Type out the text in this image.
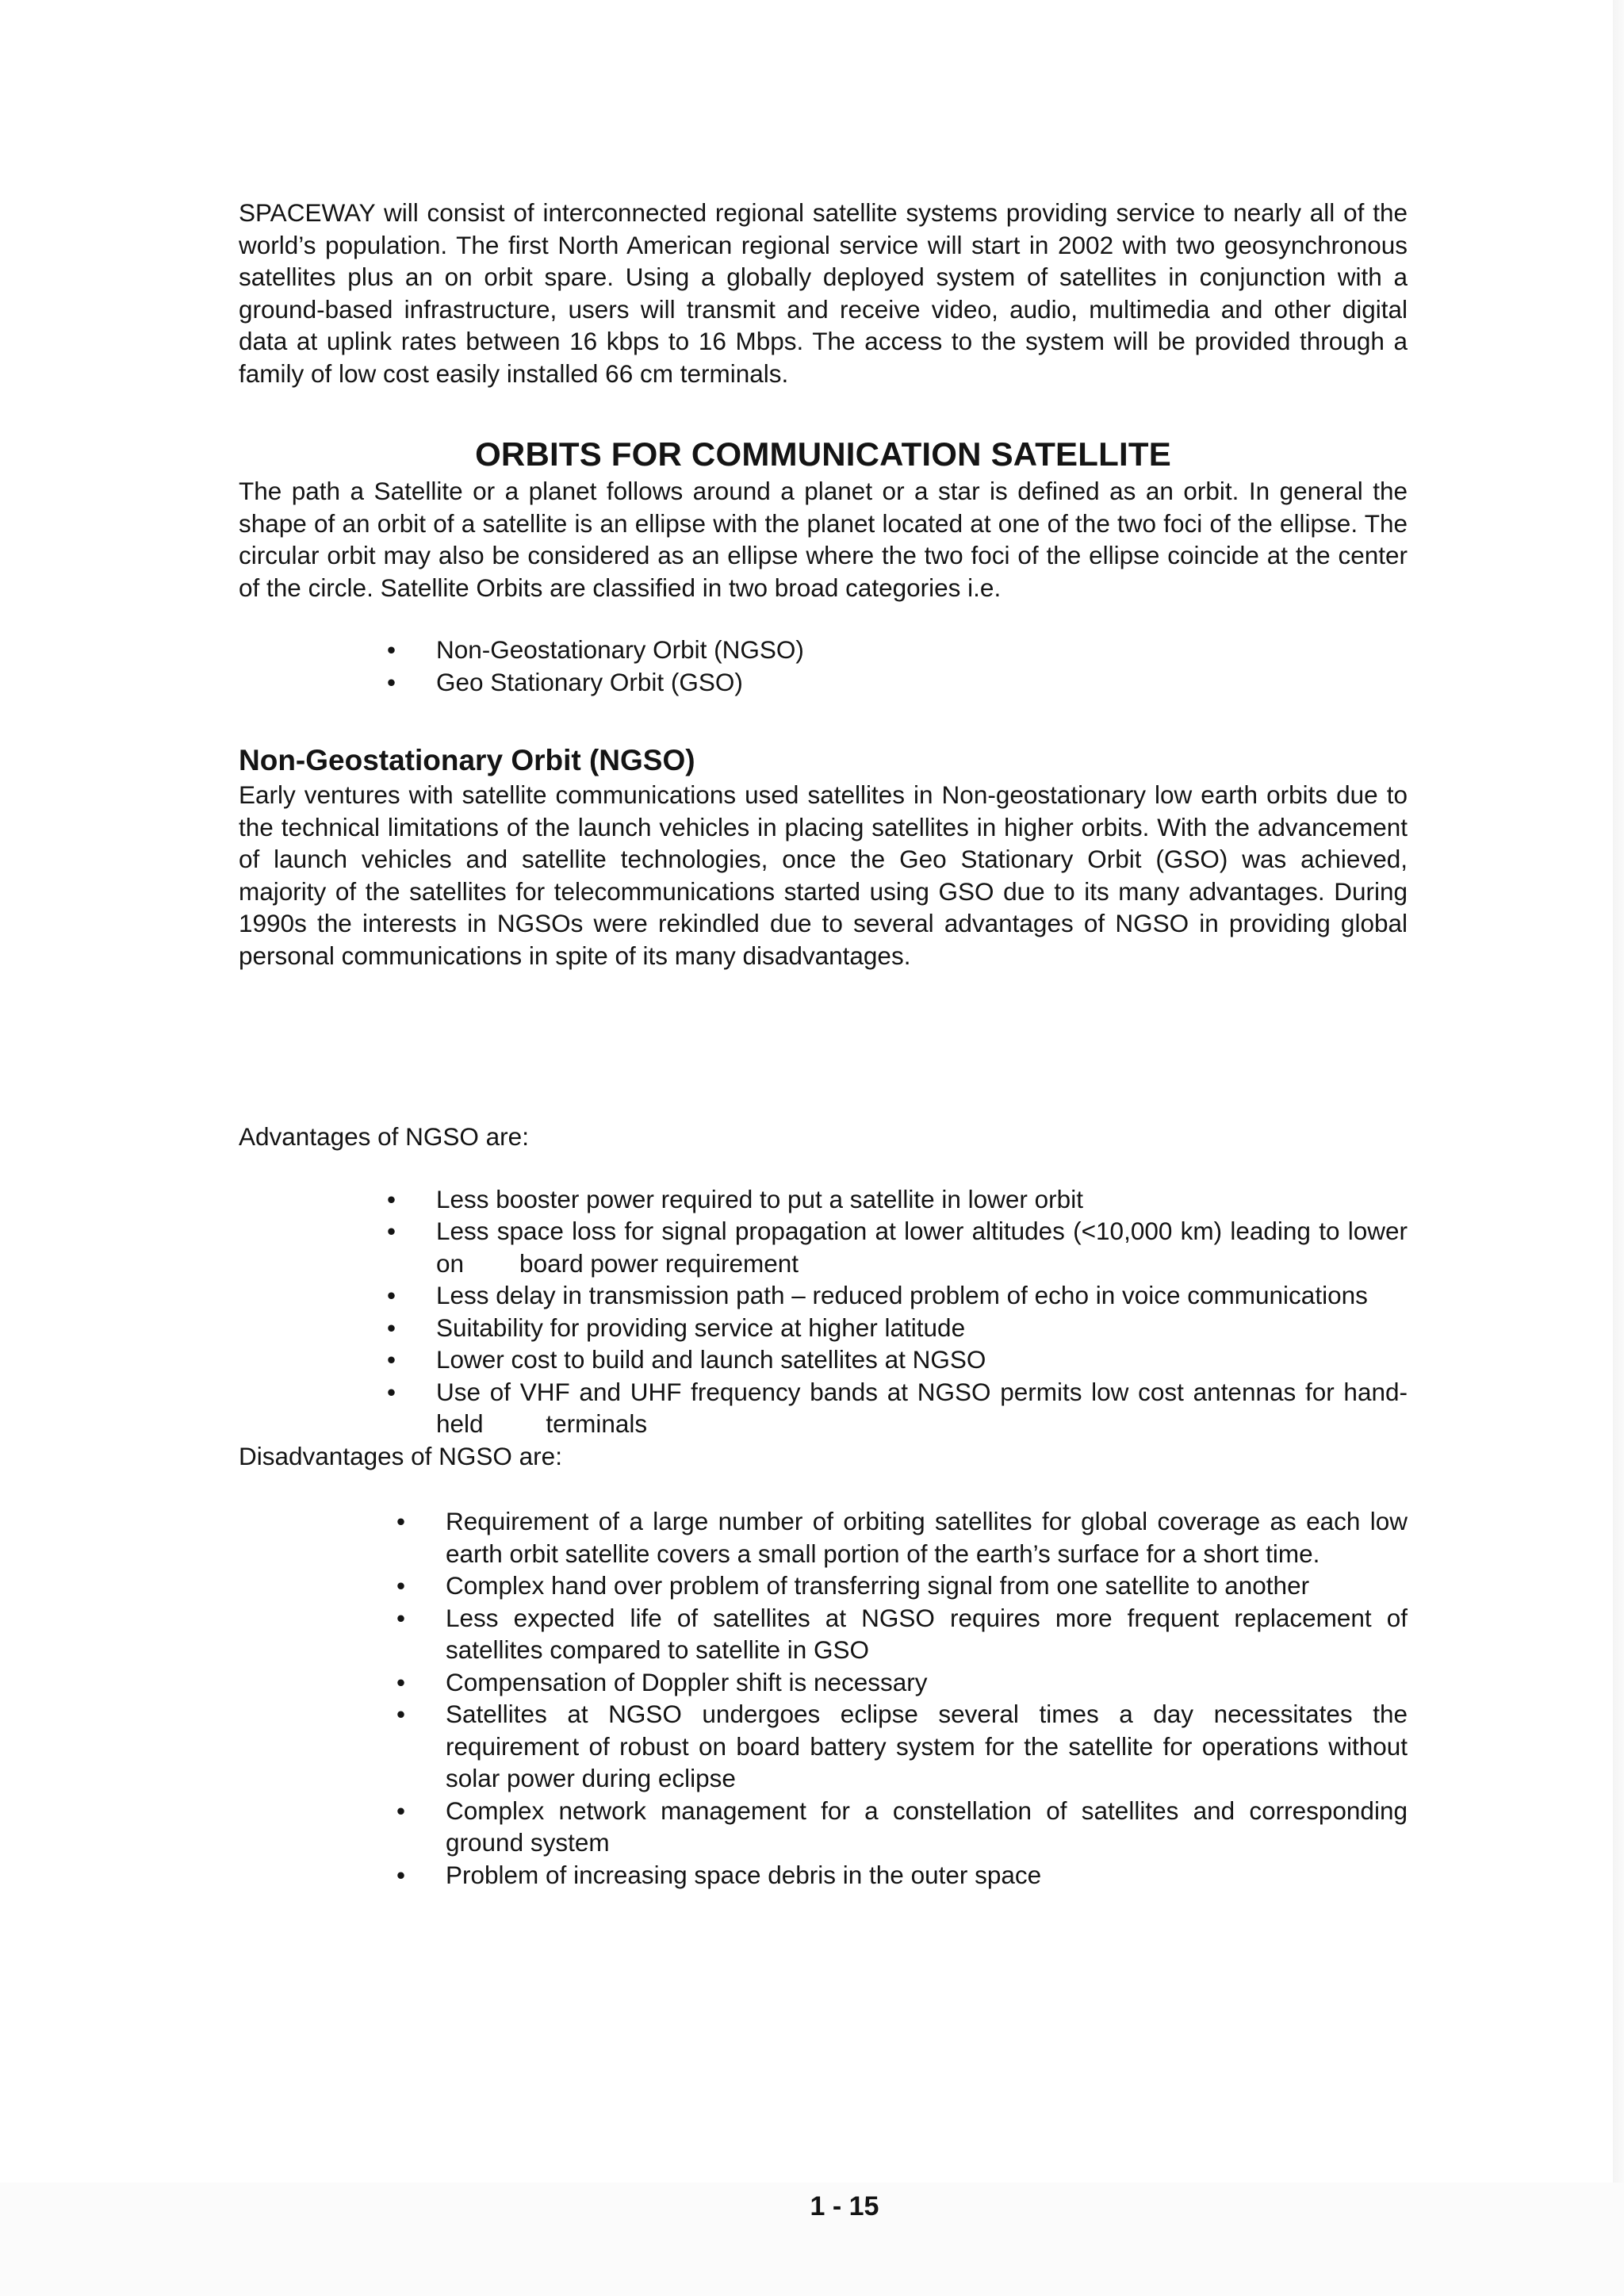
SPACEWAY will consist of interconnected regional satellite systems providing service to nearly all of the world’s population. The first North American regional service will start in 2002 with two geosynchronous satellites plus an on orbit spare. Using a globally deployed system of satellites in conjunction with a ground-based infrastructure, users will transmit and receive video, audio, multimedia and other digital data at uplink rates between 16 kbps to 16 Mbps. The access to the system will be provided through a family of low cost easily installed 66 cm terminals.

ORBITS FOR COMMUNICATION SATELLITE

The path a Satellite or a planet follows around a planet or a star is defined as an orbit. In general the shape of an orbit of a satellite is an ellipse with the planet located at one of the two foci of the ellipse. The circular orbit may also be considered as an ellipse where the two foci of the ellipse coincide at the center of the circle. Satellite Orbits are classified in two broad categories i.e.

• Non-Geostationary Orbit (NGSO)
• Geo Stationary Orbit (GSO)
Non-Geostationary Orbit (NGSO)

Early ventures with satellite communications used satellites in Non-geostationary low earth orbits due to the technical limitations of the launch vehicles in placing satellites in higher orbits. With the advancement of launch vehicles and satellite technologies, once the Geo Stationary Orbit (GSO) was achieved, majority of the satellites for telecommunications started using GSO due to its many advantages. During 1990s the interests in NGSOs were rekindled due to several advantages of NGSO in providing global personal communications in spite of its many disadvantages.

Advantages of NGSO are:

• Less booster power required to put a satellite in lower orbit
• Less space loss for signal propagation at lower altitudes (<10,000 km) leading to lower on        board power requirement
• Less delay in transmission path – reduced problem of echo in voice communications
• Suitability for providing service at higher latitude
• Lower cost to build and launch satellites at NGSO
• Use of VHF and UHF frequency bands at NGSO permits low cost antennas for hand-held         terminals

Disadvantages of NGSO are:

• Requirement of a large number of orbiting satellites for global coverage as each low earth orbit satellite covers a small portion of the earth’s surface for a short time.
• Complex hand over problem of transferring signal from one satellite to another
• Less expected life of satellites at NGSO requires more frequent replacement of satellites compared to satellite in GSO
• Compensation of Doppler shift is necessary
• Satellites at NGSO undergoes eclipse several times a day necessitates the requirement of robust on board battery system for the satellite for operations without solar power during eclipse
• Complex network management for a constellation of satellites and corresponding ground system
• Problem of increasing space debris in the outer space
1 - 15
